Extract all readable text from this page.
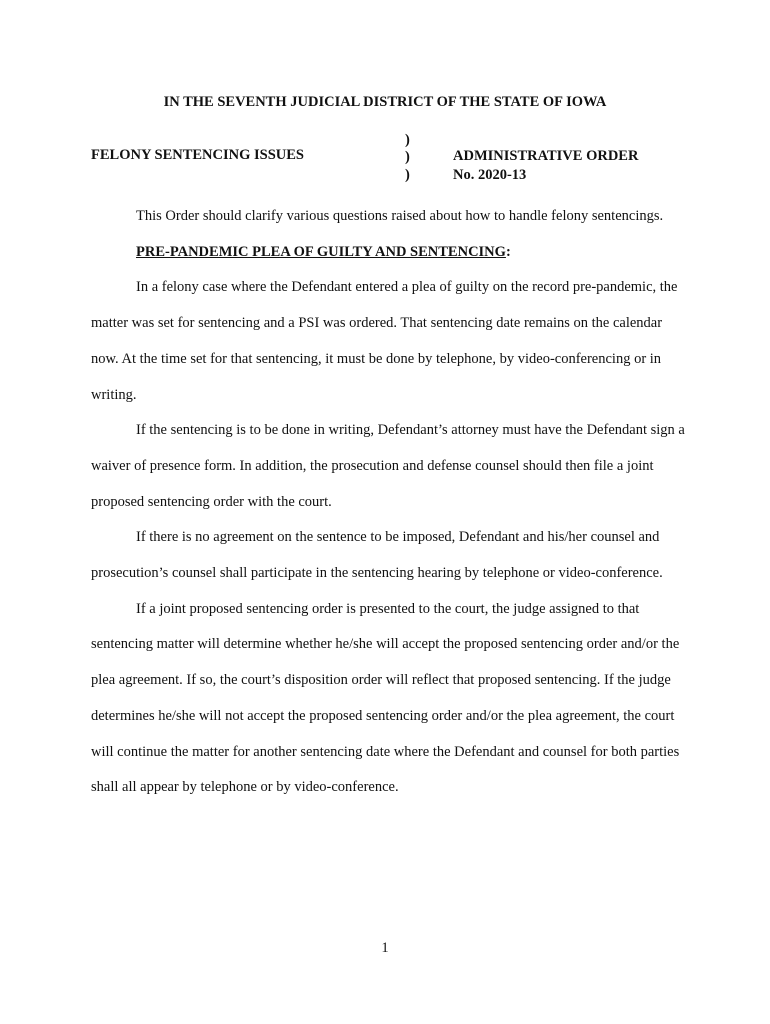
IN THE SEVENTH JUDICIAL DISTRICT OF THE STATE OF IOWA

FELONY SENTENCING ISSUES

)
)
)
ADMINISTRATIVE ORDER
No. 2020-13

This Order should clarify various questions raised about how to handle felony sentencings.

PRE-PANDEMIC PLEA OF GUILTY AND SENTENCING:

In a felony case where the Defendant entered a plea of guilty on the record pre-pandemic, the matter was set for sentencing and a PSI was ordered. That sentencing date remains on the calendar now. At the time set for that sentencing, it must be done by telephone, by video-conferencing or in writing.

If the sentencing is to be done in writing, Defendant’s attorney must have the Defendant sign a waiver of presence form. In addition, the prosecution and defense counsel should then file a joint proposed sentencing order with the court.

If there is no agreement on the sentence to be imposed, Defendant and his/her counsel and prosecution’s counsel shall participate in the sentencing hearing by telephone or video-conference.

If a joint proposed sentencing order is presented to the court, the judge assigned to that sentencing matter will determine whether he/she will accept the proposed sentencing order and/or the plea agreement. If so, the court’s disposition order will reflect that proposed sentencing. If the judge determines he/she will not accept the proposed sentencing order and/or the plea agreement, the court will continue the matter for another sentencing date where the Defendant and counsel for both parties shall all appear by telephone or by video-conference.

1
